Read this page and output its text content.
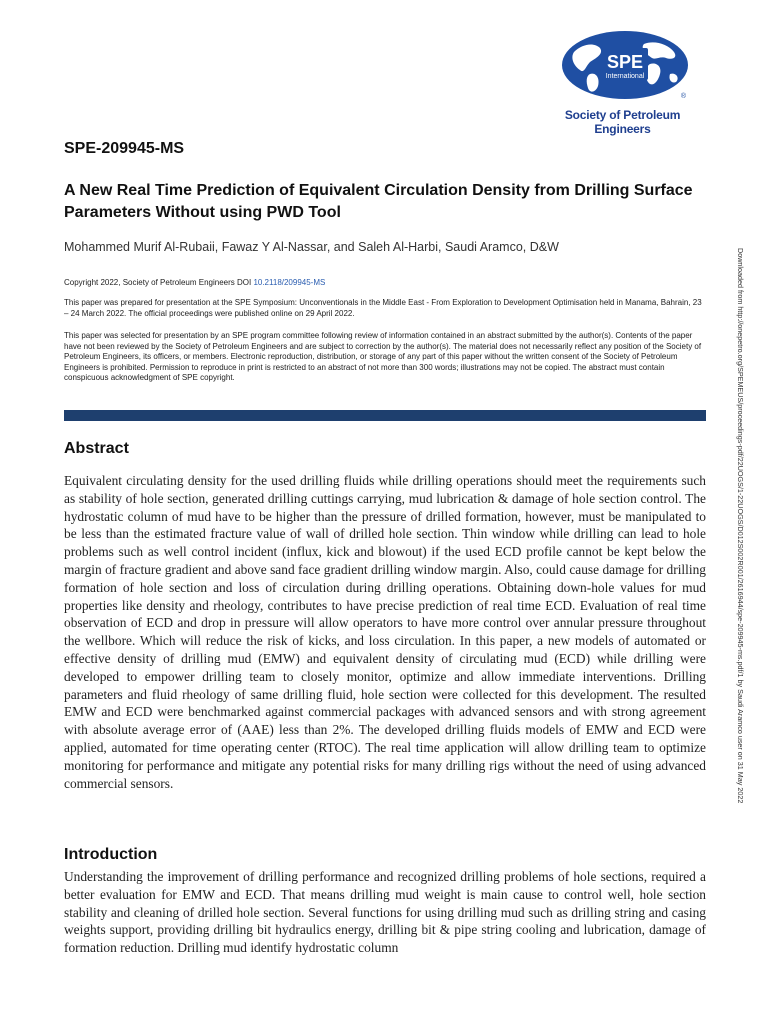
SPE
International
®
Society of Petroleum Engineers
SPE-209945-MS
A New Real Time Prediction of Equivalent Circulation Density from Drilling Surface Parameters Without using PWD Tool
Mohammed Murif Al-Rubaii, Fawaz Y Al-Nassar, and Saleh Al-Harbi, Saudi Aramco, D&W
Copyright 2022, Society of Petroleum Engineers DOI 10.2118/209945-MS
This paper was prepared for presentation at the SPE Symposium: Unconventionals in the Middle East - From Exploration to Development Optimisation held in Manama, Bahrain, 23 – 24 March 2022. The official proceedings were published online on 29 April 2022.
This paper was selected for presentation by an SPE program committee following review of information contained in an abstract submitted by the author(s). Contents of the paper have not been reviewed by the Society of Petroleum Engineers and are subject to correction by the author(s). The material does not necessarily reflect any position of the Society of Petroleum Engineers, its officers, or members. Electronic reproduction, distribution, or storage of any part of this paper without the written consent of the Society of Petroleum Engineers is prohibited. Permission to reproduce in print is restricted to an abstract of not more than 300 words; illustrations may not be copied. The abstract must contain conspicuous acknowledgment of SPE copyright.
Abstract
Equivalent circulating density for the used drilling fluids while drilling operations should meet the requirements such as stability of hole section, generated drilling cuttings carrying, mud lubrication & damage of hole section control. The hydrostatic column of mud have to be higher than the pressure of drilled formation, however, must be manipulated to be less than the estimated fracture value of wall of drilled hole section. Thin window while drilling can lead to hole problems such as well control incident (influx, kick and blowout) if the used ECD profile cannot be kept below the margin of fracture gradient and above sand face gradient drilling window margin. Also, could cause damage for drilling formation of hole section and loss of circulation during drilling operations. Obtaining down-hole values for mud properties like density and rheology, contributes to have precise prediction of real time ECD. Evaluation of real time observation of ECD and drop in pressure will allow operators to have more control over annular pressure throughout the wellbore. Which will reduce the risk of kicks, and loss circulation. In this paper, a new models of automated or effective density of drilling mud (EMW) and equivalent density of circulating mud (ECD) while drilling were developed to empower drilling team to closely monitor, optimize and allow immediate interventions. Drilling parameters and fluid rheology of same drilling fluid, hole section were collected for this development. The resulted EMW and ECD were benchmarked against commercial packages with advanced sensors and with strong agreement with absolute average error of (AAE) less than 2%. The developed drilling fluids models of EMW and ECD were applied, automated for time operating center (RTOC). The real time application will allow drilling team to optimize monitoring for performance and mitigate any potential risks for many drilling rigs without the need of using advanced commercial sensors.
Introduction
Understanding the improvement of drilling performance and recognized drilling problems of hole sections, required a better evaluation for EMW and ECD. That means drilling mud weight is main cause to control well, hole section stability and cleaning of drilled hole section. Several functions for using drilling mud such as drilling string and casing weights support, providing drilling bit hydraulics energy, drilling bit & pipe string cooling and lubrication, damage of formation reduction. Drilling mud identify hydrostatic column
Downloaded from http://onepetro.org/SPEMEUS/proceedings-pdf/22UOGS/1-22UOGS/D012S002R001/2616944/spe-209945-ms.pdf/1 by Saudi Aramco user on 31 May 2022
